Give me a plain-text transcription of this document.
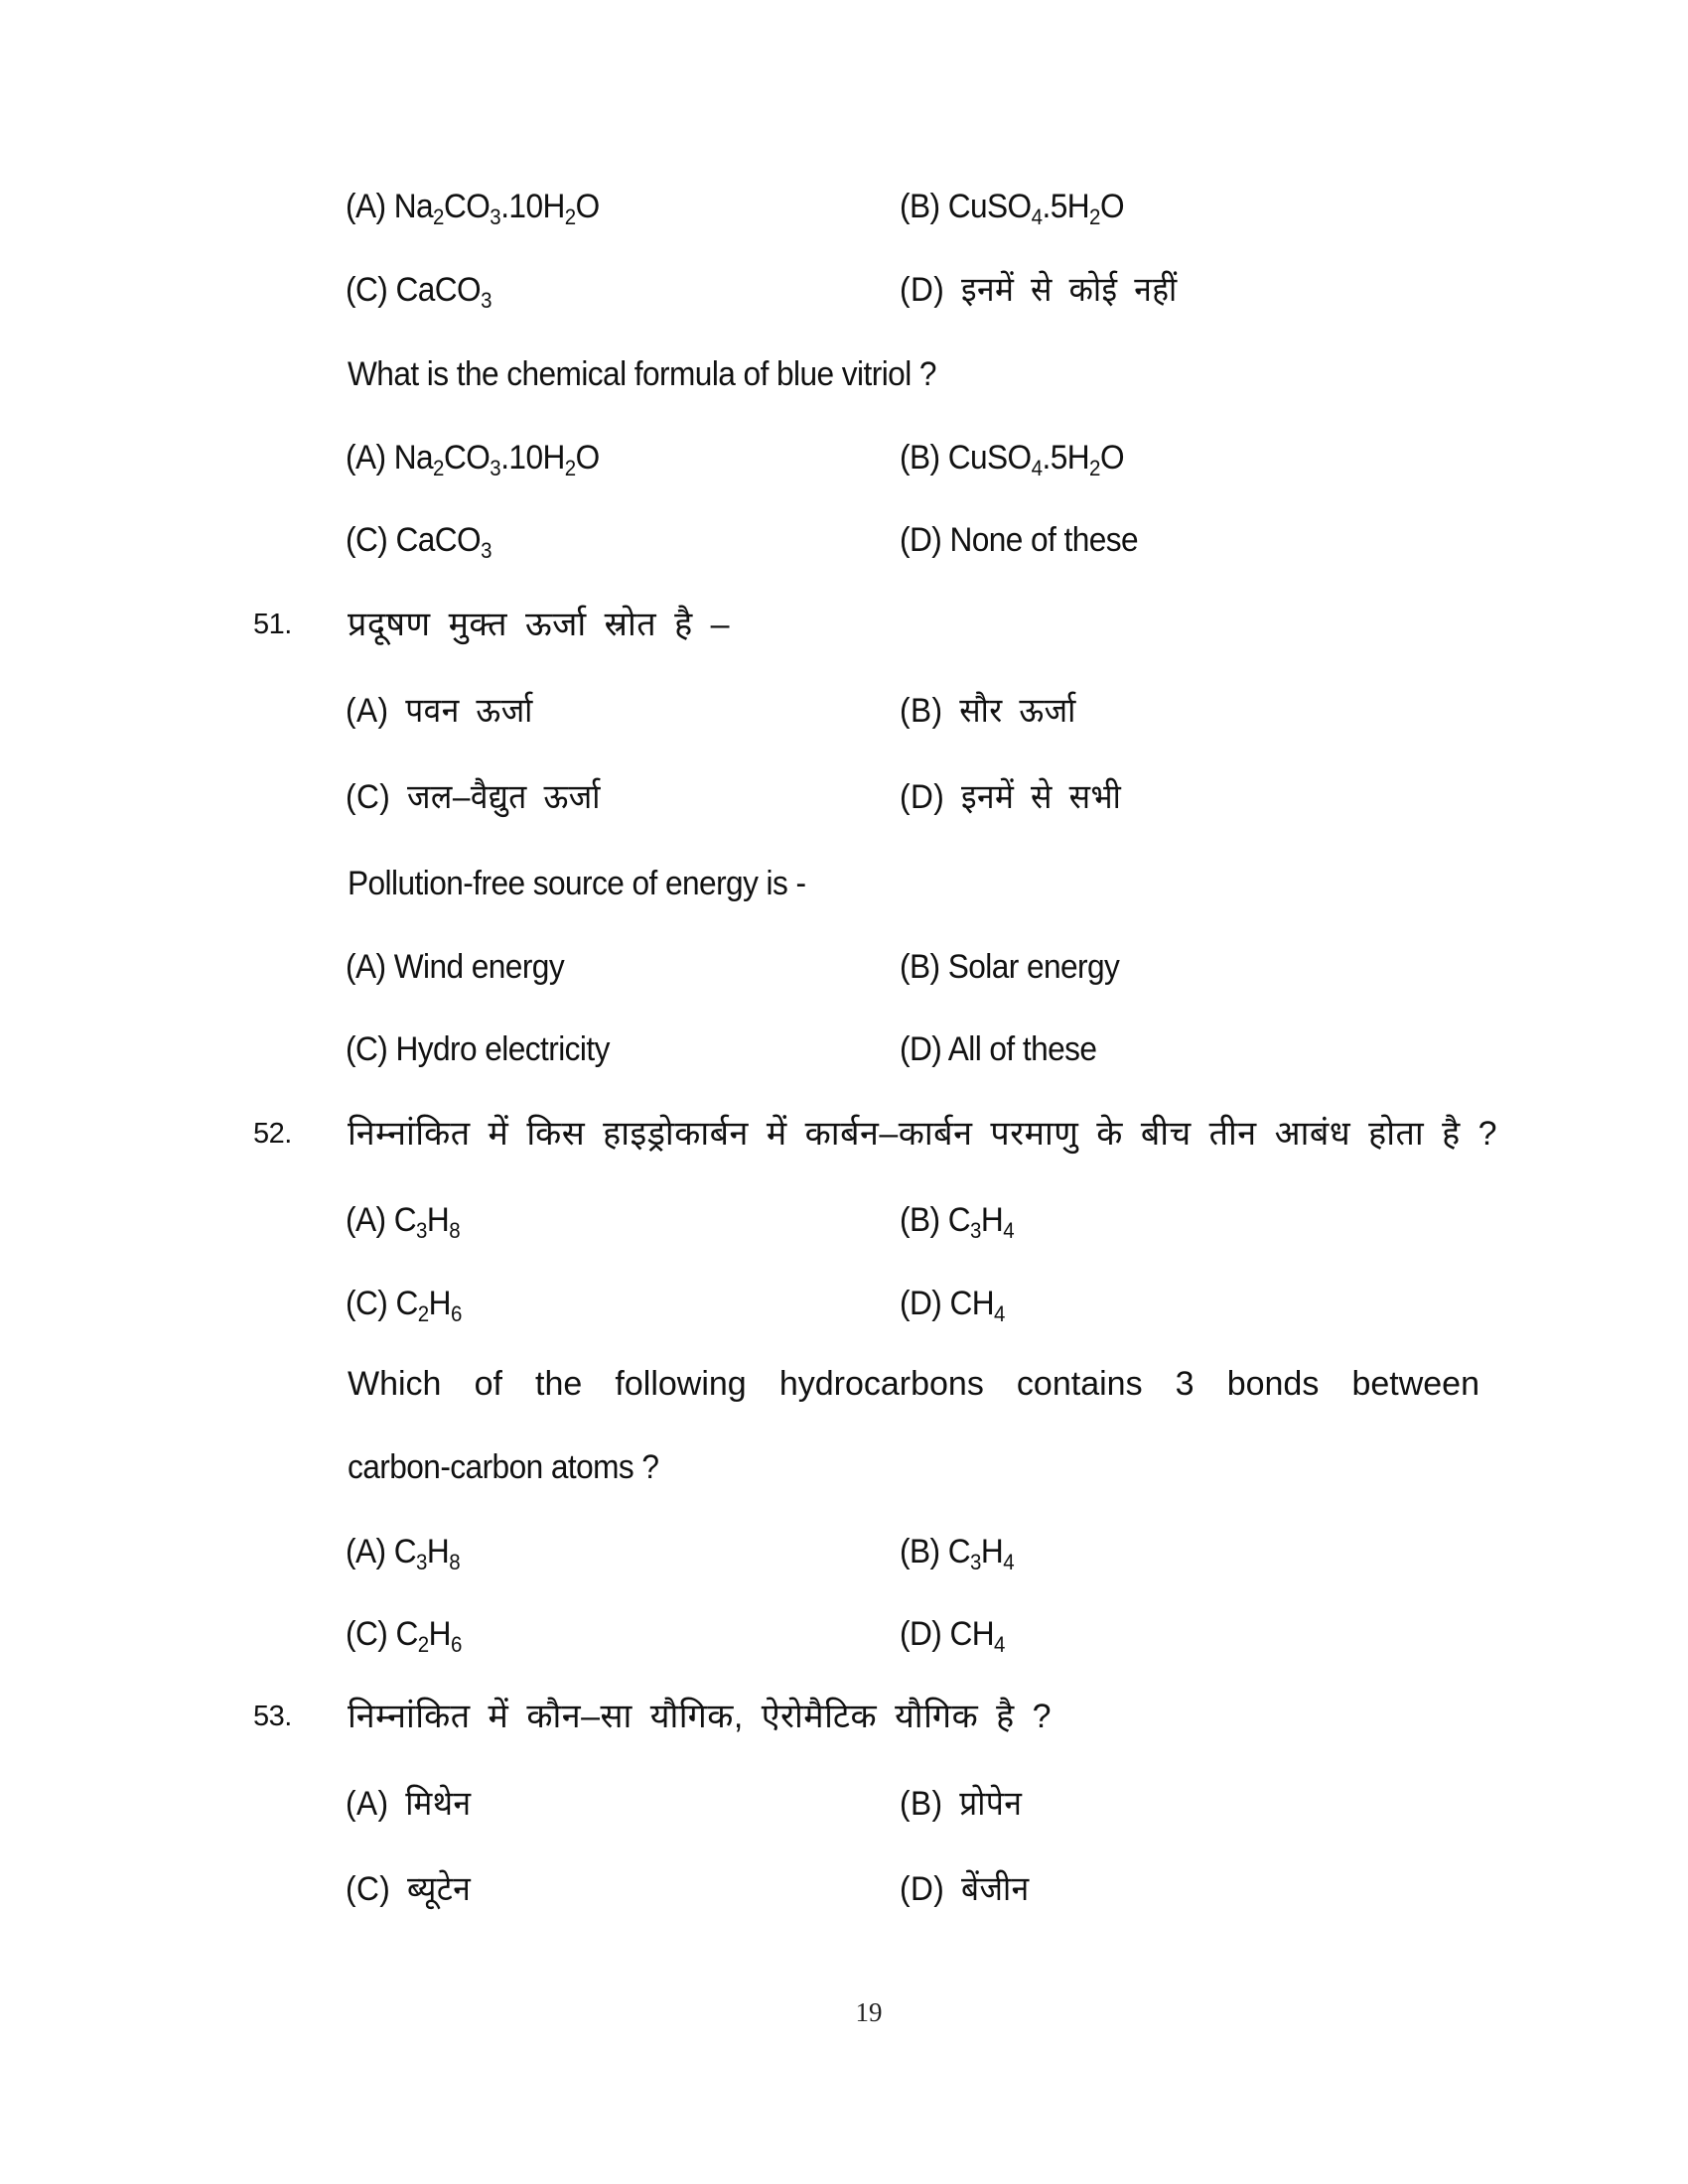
(A) $Na_2CO_3.10H_2O$	(B) $CuSO_4.5H_2O$
(C) CaCO$_3$	(D) इनमें से कोई नहीं
What is the chemical formula of blue vitriol ?
(A) $Na_2CO_3.10H_2O$	(B) $CuSO_4.5H_2O$
(C) CaCO$_3$	(D) None of these
51. प्रदूषण मुक्त ऊर्जा स्रोत है –
(A) पवन ऊर्जा	(B) सौर ऊर्जा
(C) जल–वैद्युत ऊर्जा	(D) इनमें से सभी
Pollution-free source of energy is -
(A) Wind energy	(B) Solar energy
(C) Hydro electricity	(D) All of these
52. निम्नांकित में किस हाइड्रोकार्बन में कार्बन–कार्बन परमाणु के बीच तीन आबंध होता है ?
(A) $C_3H_8$	(B) $C_3H_4$
(C) $C_2H_6$	(D) $CH_4$
Which of the following hydrocarbons contains 3 bonds between
carbon-carbon atoms ?
(A) $C_3H_8$	(B) $C_3H_4$
(C) $C_2H_6$	(D) $CH_4$
53. निम्नांकित में कौन–सा यौगिक, ऐरोमैटिक यौगिक है ?
(A) मिथेन	(B) प्रोपेन
(C) ब्यूटेन	(D) बेंजीन
19
